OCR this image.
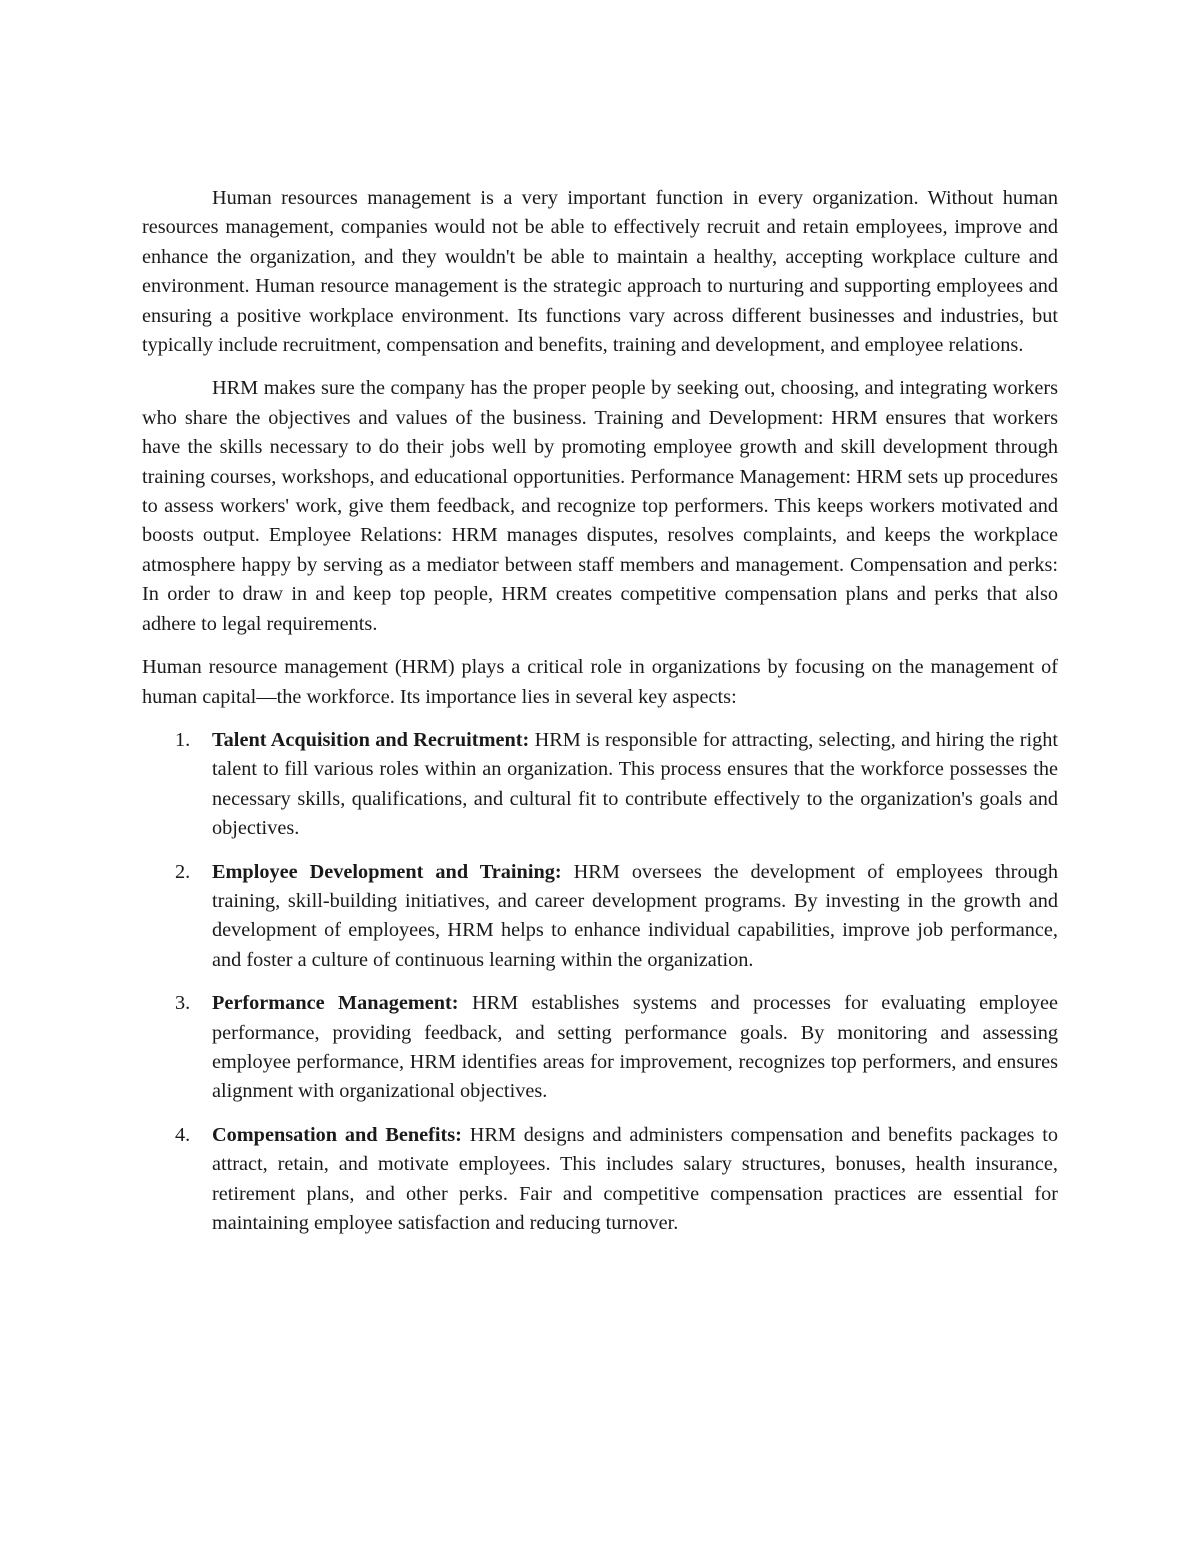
Human resources management is a very important function in every organization. Without human resources management, companies would not be able to effectively recruit and retain employees, improve and enhance the organization, and they wouldn't be able to maintain a healthy, accepting workplace culture and environment. Human resource management is the strategic approach to nurturing and supporting employees and ensuring a positive workplace environment. Its functions vary across different businesses and industries, but typically include recruitment, compensation and benefits, training and development, and employee relations.

HRM makes sure the company has the proper people by seeking out, choosing, and integrating workers who share the objectives and values of the business. Training and Development: HRM ensures that workers have the skills necessary to do their jobs well by promoting employee growth and skill development through training courses, workshops, and educational opportunities. Performance Management: HRM sets up procedures to assess workers' work, give them feedback, and recognize top performers. This keeps workers motivated and boosts output. Employee Relations: HRM manages disputes, resolves complaints, and keeps the workplace atmosphere happy by serving as a mediator between staff members and management. Compensation and perks: In order to draw in and keep top people, HRM creates competitive compensation plans and perks that also adhere to legal requirements.

Human resource management (HRM) plays a critical role in organizations by focusing on the management of human capital—the workforce. Its importance lies in several key aspects:

1. Talent Acquisition and Recruitment: HRM is responsible for attracting, selecting, and hiring the right talent to fill various roles within an organization. This process ensures that the workforce possesses the necessary skills, qualifications, and cultural fit to contribute effectively to the organization's goals and objectives.
2. Employee Development and Training: HRM oversees the development of employees through training, skill-building initiatives, and career development programs. By investing in the growth and development of employees, HRM helps to enhance individual capabilities, improve job performance, and foster a culture of continuous learning within the organization.
3. Performance Management: HRM establishes systems and processes for evaluating employee performance, providing feedback, and setting performance goals. By monitoring and assessing employee performance, HRM identifies areas for improvement, recognizes top performers, and ensures alignment with organizational objectives.
4. Compensation and Benefits: HRM designs and administers compensation and benefits packages to attract, retain, and motivate employees. This includes salary structures, bonuses, health insurance, retirement plans, and other perks. Fair and competitive compensation practices are essential for maintaining employee satisfaction and reducing turnover.
